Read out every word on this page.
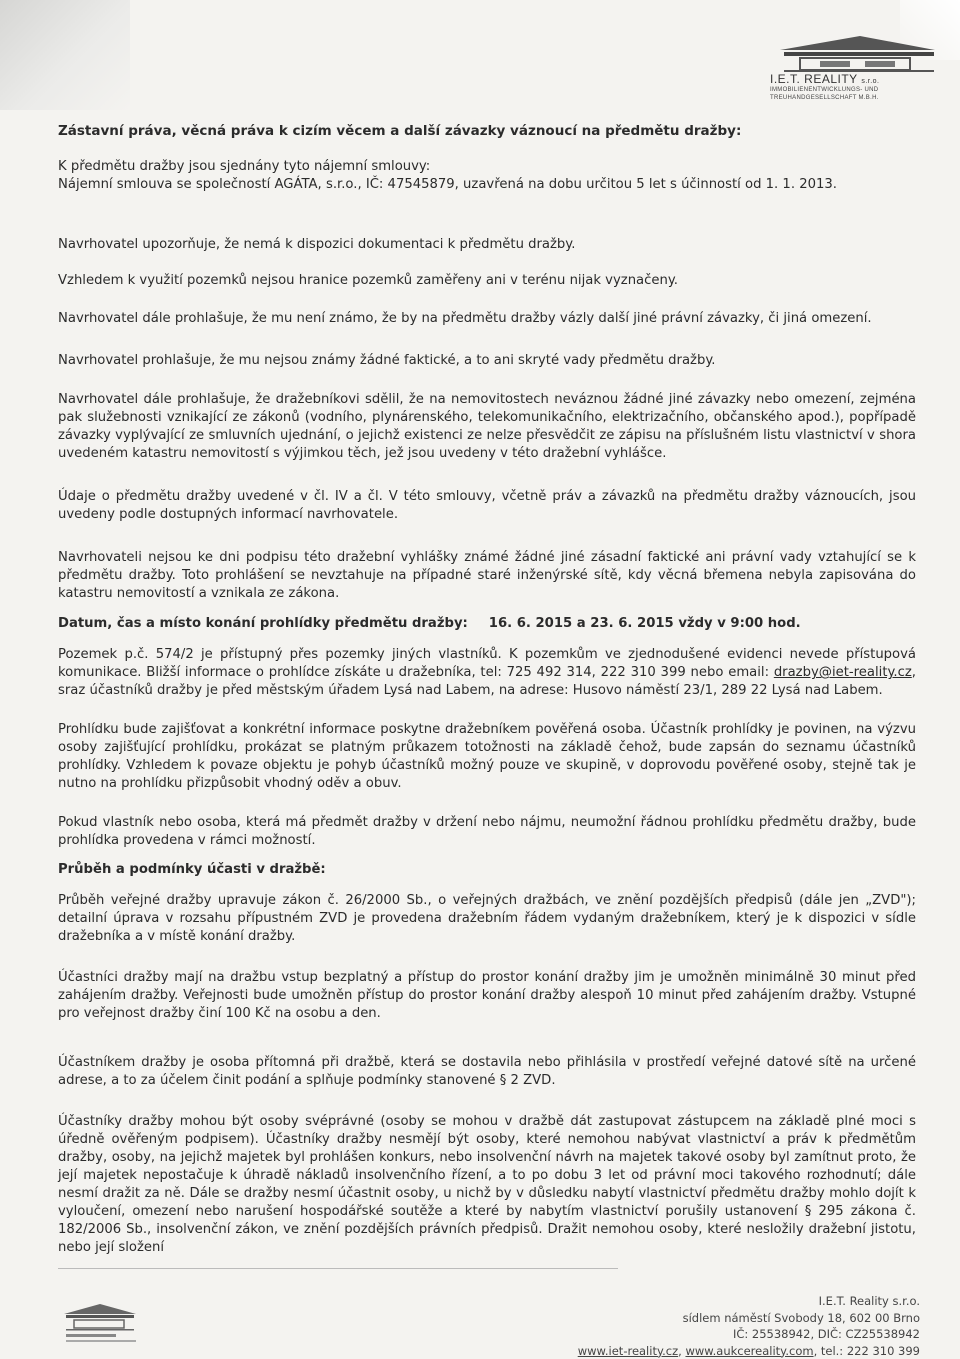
I.E.T. REALITY s.r.o.
IMMOBILIENENTWICKLUNGS- UND
TREUHANDGESELLSCHAFT M.B.H.
Zástavní práva, věcná práva k cizím věcem a další závazky váznoucí na předmětu dražby:

K předmětu dražby jsou sjednány tyto nájemní smlouvy:

Nájemní smlouva se společností AGÁTA, s.r.o., IČ: 47545879, uzavřená na dobu určitou 5 let s účinností od 1. 1. 2013.

Navrhovatel upozorňuje, že nemá k dispozici dokumentaci k předmětu dražby.

Vzhledem k využití pozemků nejsou hranice pozemků zaměřeny ani v terénu nijak vyznačeny.

Navrhovatel dále prohlašuje, že mu není známo, že by na předmětu dražby vázly další jiné právní závazky, či jiná omezení.

Navrhovatel prohlašuje, že mu nejsou známy žádné faktické, a to ani skryté vady předmětu dražby.

Navrhovatel dále prohlašuje, že dražebníkovi sdělil, že na nemovitostech neváznou žádné jiné závazky nebo omezení, zejména pak služebnosti vznikající ze zákonů (vodního, plynárenského, telekomunikačního, elektrizačního, občanského apod.), popřípadě závazky vyplývající ze smluvních ujednání, o jejichž existenci ze nelze přesvědčit ze zápisu na příslušném listu vlastnictví v shora uvedeném katastru nemovitostí s výjimkou těch, jež jsou uvedeny v této dražební vyhlášce.

Údaje o předmětu dražby uvedené v čl. IV a čl. V této smlouvy, včetně práv a závazků na předmětu dražby váznoucích, jsou uvedeny podle dostupných informací navrhovatele.

Navrhovateli nejsou ke dni podpisu této dražební vyhlášky známé žádné jiné zásadní faktické ani právní vady vztahující se k předmětu dražby. Toto prohlášení se nevztahuje na případné staré inženýrské sítě, kdy věcná břemena nebyla zapisována do katastru nemovitostí a vznikala ze zákona.

Datum, čas a místo konání prohlídky předmětu dražby: 16. 6. 2015 a 23. 6. 2015 vždy v 9:00 hod.

Pozemek p.č. 574/2 je přístupný přes pozemky jiných vlastníků. K pozemkům ve zjednodušené evidenci nevede přístupová komunikace. Bližší informace o prohlídce získáte u dražebníka, tel: 725 492 314, 222 310 399 nebo email: drazby@iet-reality.cz, sraz účastníků dražby je před městským úřadem Lysá nad Labem, na adrese: Husovo náměstí 23/1, 289 22 Lysá nad Labem.

Prohlídku bude zajišťovat a konkrétní informace poskytne dražebníkem pověřená osoba. Účastník prohlídky je povinen, na výzvu osoby zajišťující prohlídku, prokázat se platným průkazem totožnosti na základě čehož, bude zapsán do seznamu účastníků prohlídky. Vzhledem k povaze objektu je pohyb účastníků možný pouze ve skupině, v doprovodu pověřené osoby, stejně tak je nutno na prohlídku přizpůsobit vhodný oděv a obuv.

Pokud vlastník nebo osoba, která má předmět dražby v držení nebo nájmu, neumožní řádnou prohlídku předmětu dražby, bude prohlídka provedena v rámci možností.

Průběh a podmínky účasti v dražbě:

Průběh veřejné dražby upravuje zákon č. 26/2000 Sb., o veřejných dražbách, ve znění pozdějších předpisů (dále jen „ZVD"); detailní úprava v rozsahu přípustném ZVD je provedena dražebním řádem vydaným dražebníkem, který je k dispozici v sídle dražebníka a v místě konání dražby.

Účastníci dražby mají na dražbu vstup bezplatný a přístup do prostor konání dražby jim je umožněn minimálně 30 minut před zahájením dražby. Veřejnosti bude umožněn přístup do prostor konání dražby alespoň 10 minut před zahájením dražby. Vstupné pro veřejnost dražby činí 100 Kč na osobu a den.

Účastníkem dražby je osoba přítomná při dražbě, která se dostavila nebo přihlásila v prostředí veřejné datové sítě na určené adrese, a to za účelem činit podání a splňuje podmínky stanovené § 2 ZVD.

Účastníky dražby mohou být osoby svéprávné (osoby se mohou v dražbě dát zastupovat zástupcem na základě plné moci s úředně ověřeným podpisem). Účastníky dražby nesmějí být osoby, které nemohou nabývat vlastnictví a práv k předmětům dražby, osoby, na jejichž majetek byl prohlášen konkurs, nebo insolvenční návrh na majetek takové osoby byl zamítnut proto, že její majetek nepostačuje k úhradě nákladů insolvenčního řízení, a to po dobu 3 let od právní moci takového rozhodnutí; dále nesmí dražit za ně. Dále se dražby nesmí účastnit osoby, u nichž by v důsledku nabytí vlastnictví předmětu dražby mohlo dojít k vyloučení, omezení nebo narušení hospodářské soutěže a které by nabytím vlastnictví porušily ustanovení § 295 zákona č. 182/2006 Sb., insolvenční zákon, ve znění pozdějších právních předpisů. Dražit nemohou osoby, které nesložily dražební jistotu, nebo její složení

I.E.T. Reality s.r.o.
sídlem náměstí Svobody 18, 602 00 Brno
IČ: 25538942, DIČ: CZ25538942
www.iet-reality.cz, www.aukcereality.com, tel.: 222 310 399
